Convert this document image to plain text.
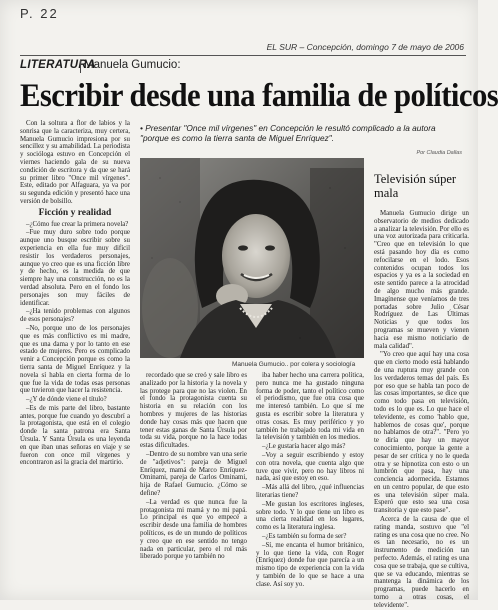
P. 22
EL SUR – Concepción, domingo 7 de mayo de 2006
LITERATURA
Manuela Gumucio:
Escribir desde una familia de políticos

Con la soltura a flor de labios y la sonrisa que la caracteriza, muy certera, Manuela Gumucio impresiona por su sencillez y su amabilidad. La periodista y socióloga estuvo en Concepción el viernes haciendo gala de su nueva condición de escritora y da que se hará su primer libro "Once mil vírgenes". Este, editado por Alfaguara, ya va por su segunda edición y presentó hace una versión de bolsillo.

Ficción y realidad

–¿Cómo fue crear la primera novela?

–Fue muy duro sobre todo porque aunque uno busque escribir sobre su experiencia en ella fue muy difícil resistir los verdaderos personajes, aunque yo creo que es una ficción libre y de hecho, es la medida de que siempre hay una construcción, no es la verdad absoluta. Pero en el fondo los personajes son muy fáciles de identificar.

–¿Ha tenido problemas con algunos de esos personajes?

–No, porque uno de los personajes que es más conflictivo es mi madre, que es una dama y por lo tanto en ese estado de mujeres. Pero es complicado venir a Concepción porque es como la tierra santa de Miguel Enríquez y la novela sí habla en cierta forma de lo que fue la vida de todas esas personas que tuvieron que hacer la resistencia.

–¿Y de dónde viene el título?

–Es de mis parte del libro, bastante antes, porque fue cuando yo descubrí a la protagonista, que está en el colegio donde la santa patrona era Santa Úrsula. Y Santa Úrsula es una leyenda en que iban unas señoras en viaje y se fueron con once mil vírgenes y encontraron así la gracia del martirio.

• Presentar "Once mil vírgenes" en Concepción le resultó complicado a la autora "porque es como la tierra santa de Miguel Enríquez".
Por Claudia Dallas
Manuela Gumucio.. por colera y sociología
Televisión súper mala

Manuela Gumucio dirige un observatorio de medios dedicado a analizar la televisión. Por ello es una voz autorizada para criticarla. "Creo que en televisión lo que está pasando hoy día es como refocilarse en el lodo. Esos contenidos ocupan todos los espacios y ya es a la sociedad en este sentido parece a la atrocidad de algo mucho más grande. Imagínense que veníamos de tres portadas sobre Julio César Rodríguez de Las Últimas Noticias y que todos los programas se mueven y vienen hacia ese mismo noticiario de mala calidad".

"Yo creo que aquí hay una cosa que en cierto modo está hablando de una ruptura muy grande con los verdaderos temas del país. Es por eso que se habla tan poco de las cosas importantes, se dice que como todo pasa en televisión, todo es lo que es. Lo que hace el televidente, es como 'hablo que, hablemos de cosas que', porque no hablamos de otra?". "Pero yo te diría que hay un mayor conocimiento, porque la gente a pesar de ser crítica y no le queda otra y se hipnotiza con esto o un lumbrón que pasa, hay una conciencia adormecida. Estamos en un centro popular, de que esto es una televisión súper mala. Esperó que esto sea una cosa transitoria y que esto pase".

Acerca de la causa de que el rating manda, sostuvo que "el rating es una cosa que no cree. No es tan necesario, no es un instrumento de medición tan perfecto. Además, el rating es una cosa que se trabaja, que se cultiva, que se va educando, mientras se mantenga la dinámica de los programas, puede hacerlo en torno a otras cosas, el televidente".

recordado que se creó y sale libro es analizado por la historia y la novela y las protege para que no las violen. En el fondo la protagonista cuenta su historia en su relación con los hombres y mujeres de las historias donde hay cosas más que hacen que tener estas ganas de Santa Úrsula por toda su vida, porque no la hace todas estas dificultades.

–Dentro de su nombre van una serie de "adjetivos": pareja de Miguel Enríquez, mamá de Marco Enríquez-Ominami, pareja de Carlos Ominami, hija de Rafael Gumucio. ¿Cómo se define?

–La verdad es que nunca fue la protagonista mi mamá y no mi papá. Lo principal es que yo empecé a escribir desde una familia de hombres políticos, es de un mundo de políticos y creo que en ese sentido no tengo nada en particular, pero el rol más liberado porque yo también no

iba haber hecho una carrera política, pero nunca me ha gustado ninguna forma de poder, tanto el político como el periodismo, que fue otra cosa que me interesó también. Lo que sí me gusta es escribir sobre la literatura y otras cosas. Es muy periférico y yo también he trabajado toda mi vida en la televisión y también en los medios.

–¿Le gustaría hacer algo más?

–Voy a seguir escribiendo y estoy con otra novela, que cuenta algo que tuve que vivir, pero no hay libros ni nada, así que estoy en eso.

–Más allá del libro, ¿qué influencias literarias tiene?

–Me gustan los escritores ingleses, sobre todo. Y lo que tiene un libro es una cierta realidad en los lugares, como es la literatura inglesa.

–¿Es también su forma de ser?

–Sí, me encanta el humor británico, y lo que tiene la vida, con Roger (Enríquez) donde fue que parecía a un mismo tipo de experiencia con la vida y también de lo que se hace a una clase. Así soy yo.
